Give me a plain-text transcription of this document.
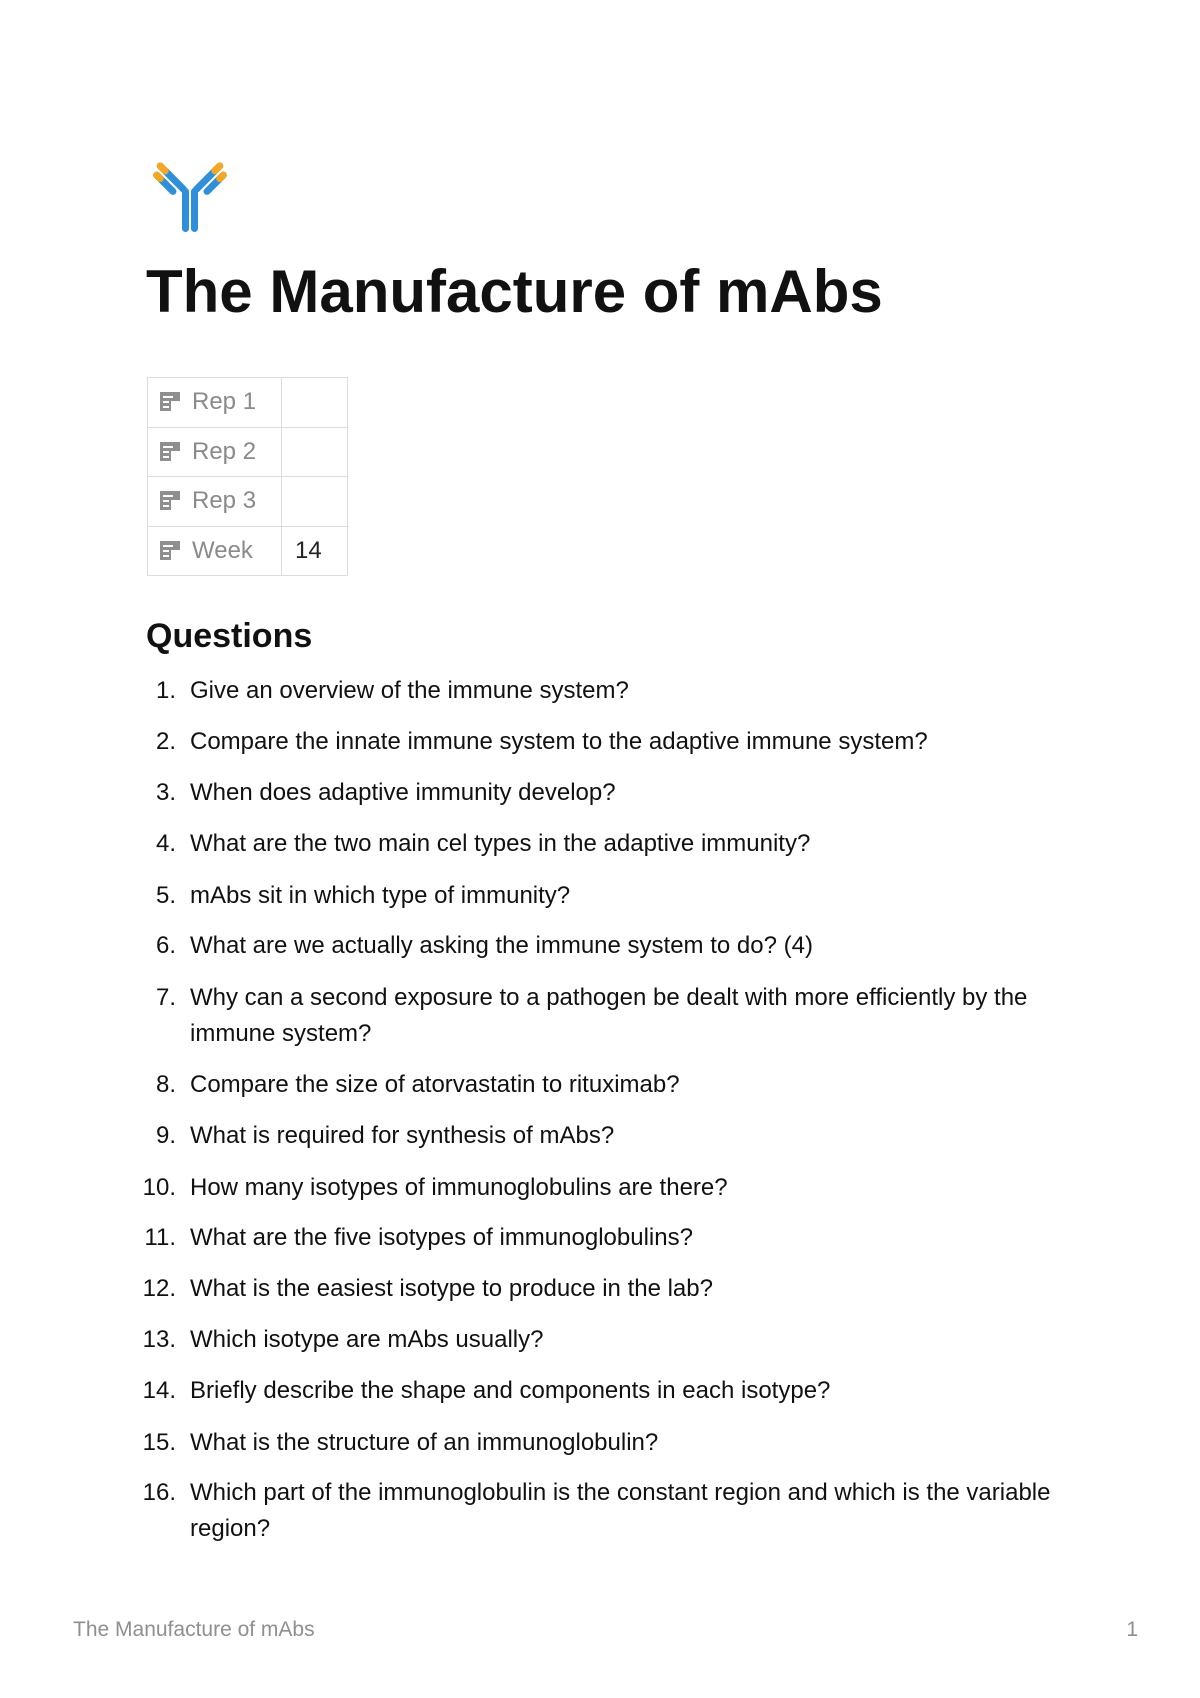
The Manufacture of mAbs
Rep 1	
Rep 2	
Rep 3	
Week	14
Questions
1. Give an overview of the immune system?
2. Compare the innate immune system to the adaptive immune system?
3. When does adaptive immunity develop?
4. What are the two main cel types in the adaptive immunity?
5. mAbs sit in which type of immunity?
6. What are we actually asking the immune system to do? (4)
7. Why can a second exposure to a pathogen be dealt with more efficiently by the immune system?
8. Compare the size of atorvastatin to rituximab?
9. What is required for synthesis of mAbs?
10. How many isotypes of immunoglobulins are there?
11. What are the five isotypes of immunoglobulins?
12. What is the easiest isotype to produce in the lab?
13. Which isotype are mAbs usually?
14. Briefly describe the shape and components in each isotype?
15. What is the structure of an immunoglobulin?
16. Which part of the immunoglobulin is the constant region and which is the variable region?
The Manufacture of mAbs	1
